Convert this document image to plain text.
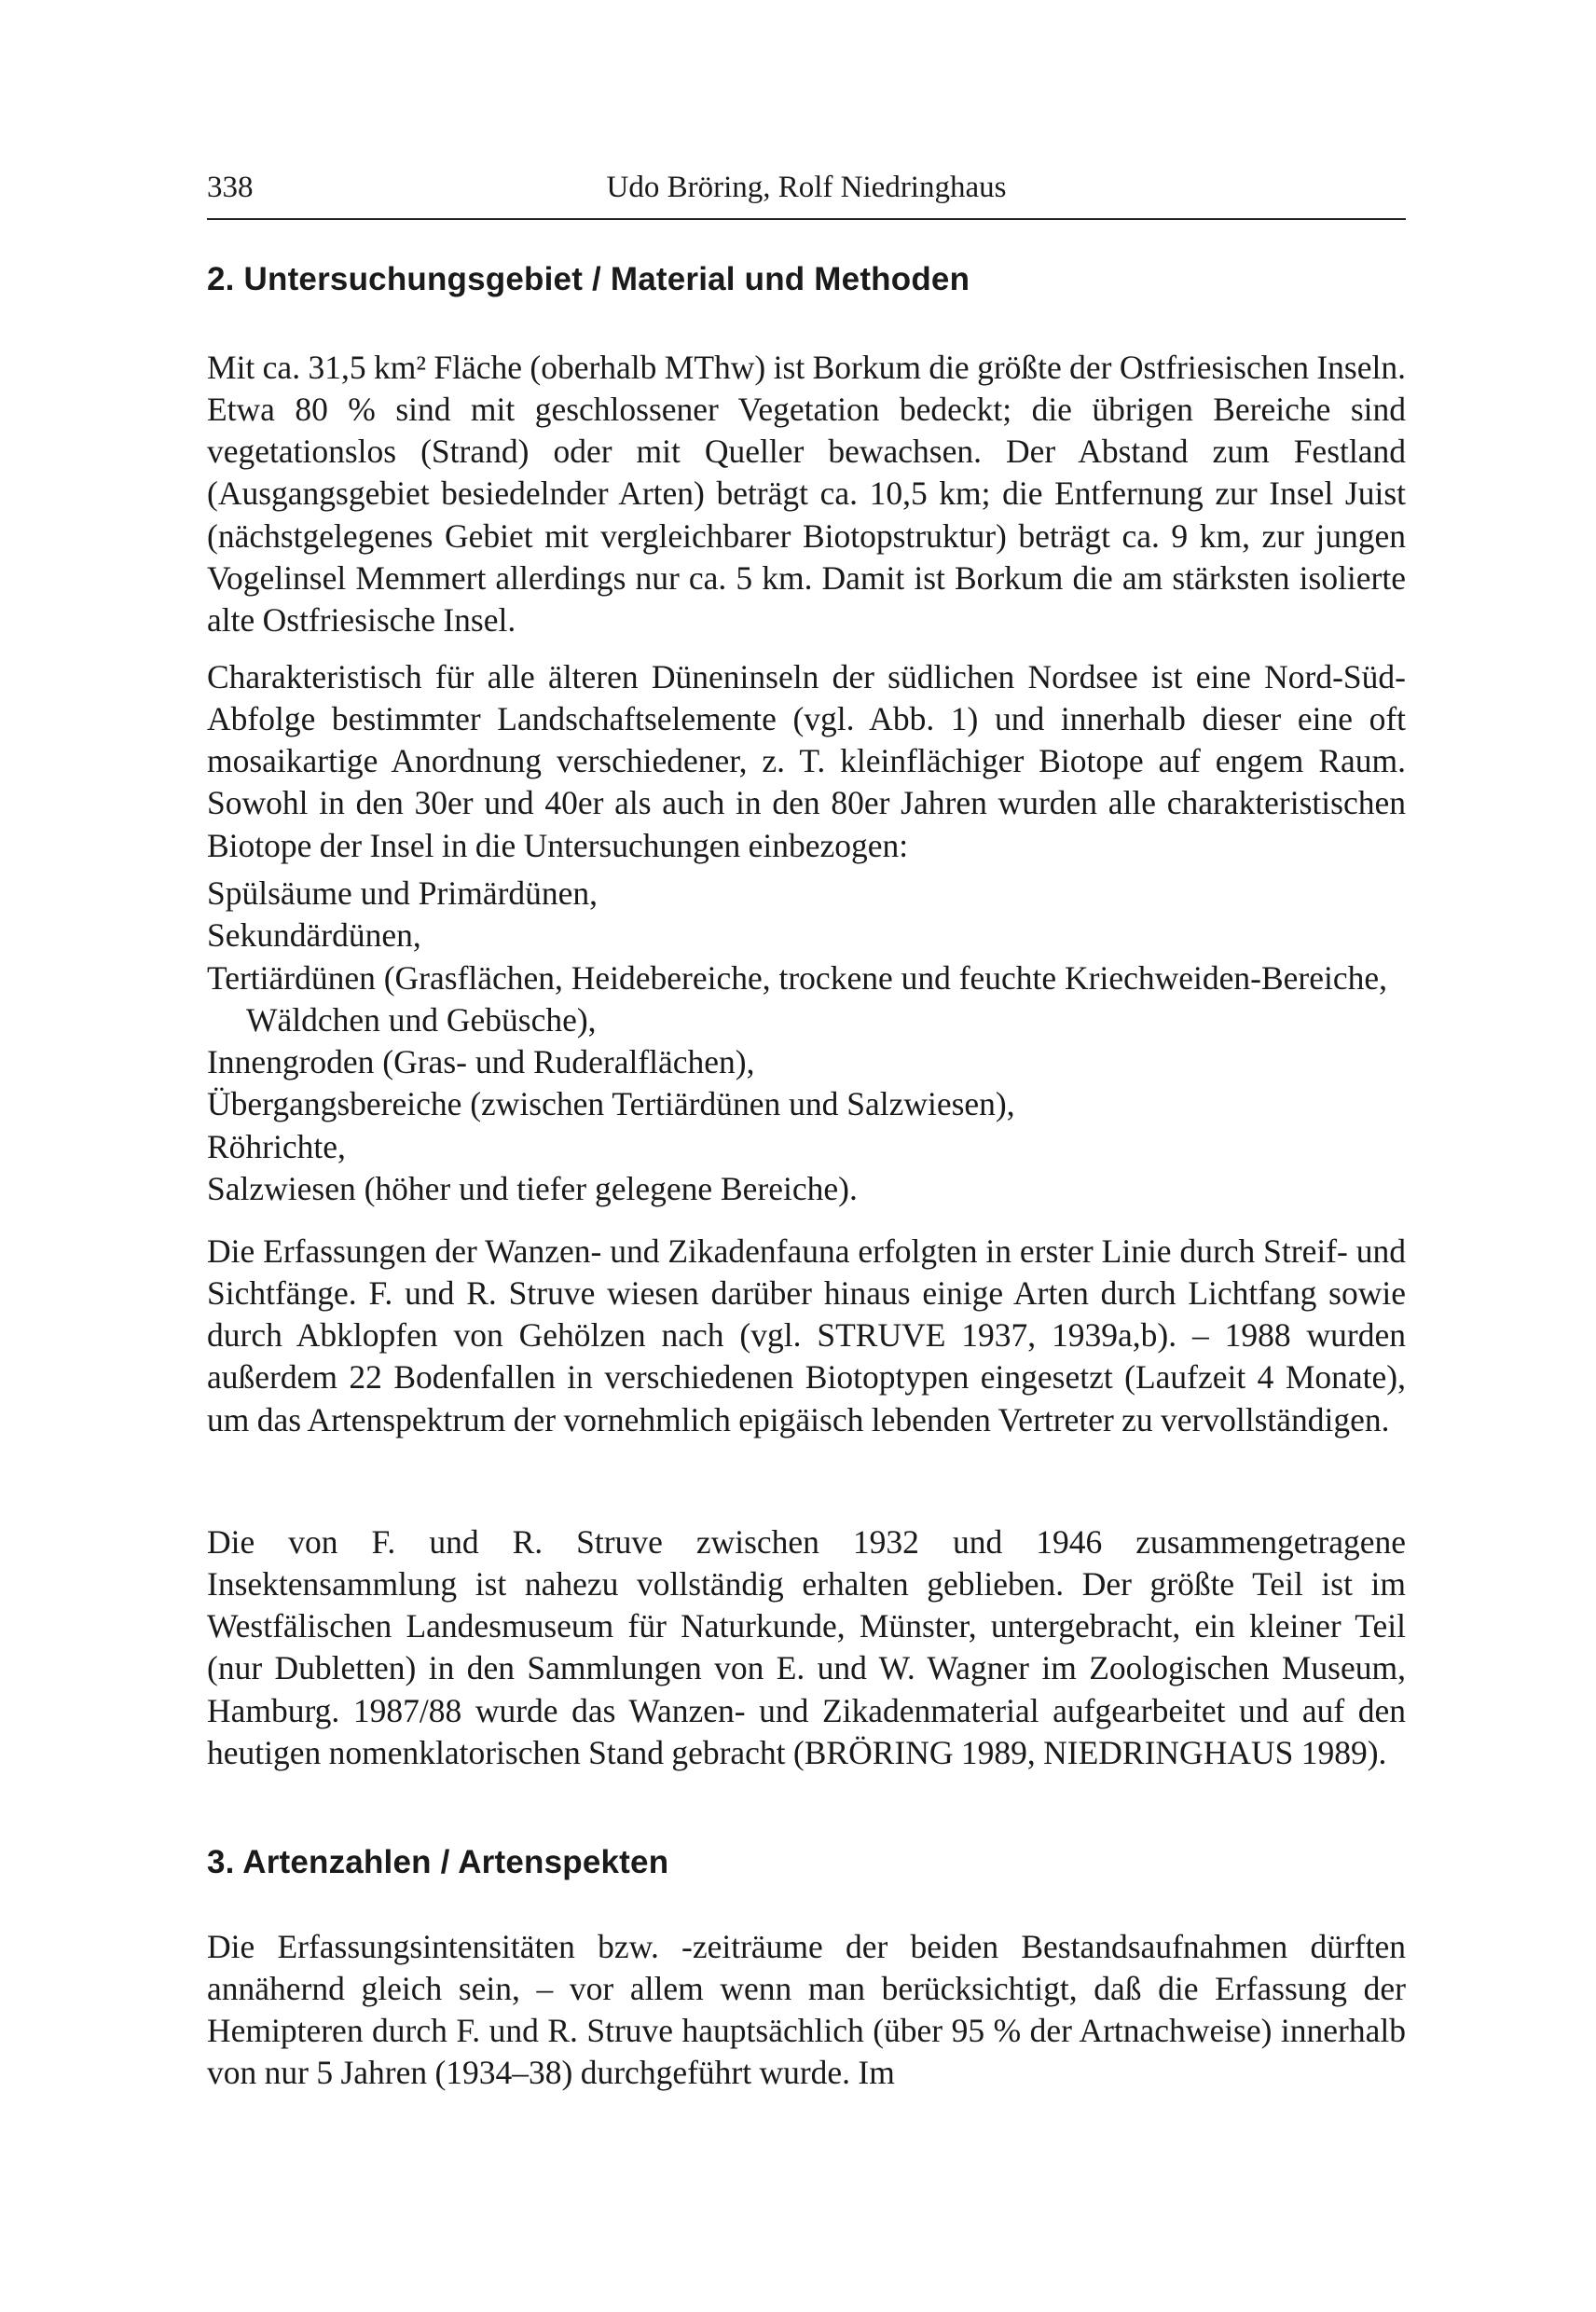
338	Udo Bröring, Rolf Niedringhaus
2. Untersuchungsgebiet / Material und Methoden

Mit ca. 31,5 km² Fläche (oberhalb MThw) ist Borkum die größte der Ostfriesischen Inseln. Etwa 80 % sind mit geschlossener Vegetation bedeckt; die übrigen Bereiche sind vegetationslos (Strand) oder mit Queller bewachsen. Der Abstand zum Festland (Ausgangsgebiet besiedelnder Arten) beträgt ca. 10,5 km; die Entfernung zur Insel Juist (nächstgelegenes Gebiet mit vergleichbarer Biotopstruktur) beträgt ca. 9 km, zur jungen Vogelinsel Memmert allerdings nur ca. 5 km. Damit ist Borkum die am stärksten isolierte alte Ostfriesische Insel.

Charakteristisch für alle älteren Düneninseln der südlichen Nordsee ist eine Nord-Süd-Abfolge bestimmter Landschaftselemente (vgl. Abb. 1) und innerhalb dieser eine oft mosaikartige Anordnung verschiedener, z. T. kleinflächiger Biotope auf engem Raum. Sowohl in den 30er und 40er als auch in den 80er Jahren wurden alle charakteristischen Biotope der Insel in die Untersuchungen einbezogen:

Spülsäume und Primärdünen,
Sekundärdünen,
Tertiärdünen (Grasflächen, Heidebereiche, trockene und feuchte Kriechweiden-Bereiche, Wäldchen und Gebüsche),
Innengroden (Gras- und Ruderalflächen),
Übergangsbereiche (zwischen Tertiärdünen und Salzwiesen),
Röhrichte,
Salzwiesen (höher und tiefer gelegene Bereiche).

Die Erfassungen der Wanzen- und Zikadenfauna erfolgten in erster Linie durch Streif- und Sichtfänge. F. und R. Struve wiesen darüber hinaus einige Arten durch Lichtfang sowie durch Abklopfen von Gehölzen nach (vgl. STRUVE 1937, 1939a,b). – 1988 wurden außerdem 22 Bodenfallen in verschiedenen Biotoptypen eingesetzt (Laufzeit 4 Monate), um das Artenspektrum der vornehmlich epigäisch lebenden Vertreter zu vervollständigen.

Die von F. und R. Struve zwischen 1932 und 1946 zusammengetragene Insektensammlung ist nahezu vollständig erhalten geblieben. Der größte Teil ist im Westfälischen Landesmuseum für Naturkunde, Münster, untergebracht, ein kleiner Teil (nur Dubletten) in den Sammlungen von E. und W. Wagner im Zoologischen Museum, Hamburg. 1987/88 wurde das Wanzen- und Zikadenmaterial aufgearbeitet und auf den heutigen nomenklatorischen Stand gebracht (BRÖRING 1989, NIEDRINGHAUS 1989).

3. Artenzahlen / Artenspekten

Die Erfassungsintensitäten bzw. -zeiträume der beiden Bestandsaufnahmen dürften annähernd gleich sein, – vor allem wenn man berücksichtigt, daß die Erfassung der Hemipteren durch F. und R. Struve hauptsächlich (über 95 % der Artnachweise) innerhalb von nur 5 Jahren (1934–38) durchgeführt wurde. Im
